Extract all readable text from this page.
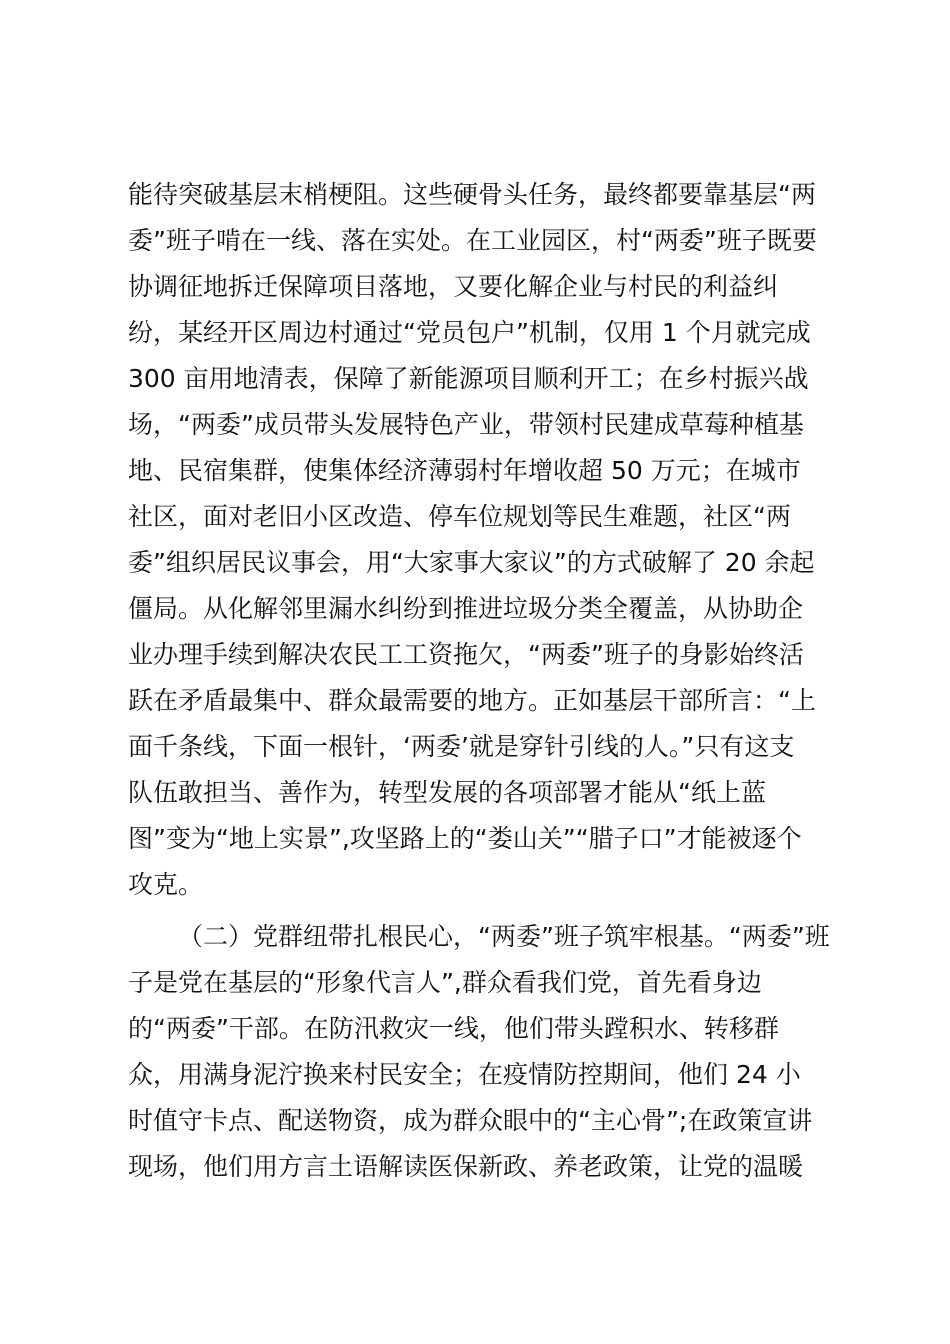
能待突破基层末梢梗阻。这些硬骨头任务，最终都要靠基层“两
委”班子啃在一线、落在实处。在工业园区，村“两委”班子既要
协调征地拆迁保障项目落地，又要化解企业与村民的利益纠
纷，某经开区周边村通过“党员包户”机制，仅用 1 个月就完成
300 亩用地清表，保障了新能源项目顺利开工；在乡村振兴战
场，“两委”成员带头发展特色产业，带领村民建成草莓种植基
地、民宿集群，使集体经济薄弱村年增收超 50 万元；在城市
社区，面对老旧小区改造、停车位规划等民生难题，社区“两
委”组织居民议事会，用“大家事大家议”的方式破解了 20 余起
僵局。从化解邻里漏水纠纷到推进垃圾分类全覆盖，从协助企
业办理手续到解决农民工工资拖欠，“两委”班子的身影始终活
跃在矛盾最集中、群众最需要的地方。正如基层干部所言：“上
面千条线，下面一根针，‘两委’就是穿针引线的人。”只有这支
队伍敢担当、善作为，转型发展的各项部署才能从“纸上蓝
图”变为“地上实景”,攻坚路上的“娄山关”“腊子口”才能被逐个
攻克。
（二）党群纽带扎根民心，“两委”班子筑牢根基。“两委”班
子是党在基层的“形象代言人”,群众看我们党，首先看身边
的“两委”干部。在防汛救灾一线，他们带头蹚积水、转移群
众，用满身泥泞换来村民安全；在疫情防控期间，他们 24 小
时值守卡点、配送物资，成为群众眼中的“主心骨”;在政策宣讲
现场，他们用方言土语解读医保新政、养老政策，让党的温暖
